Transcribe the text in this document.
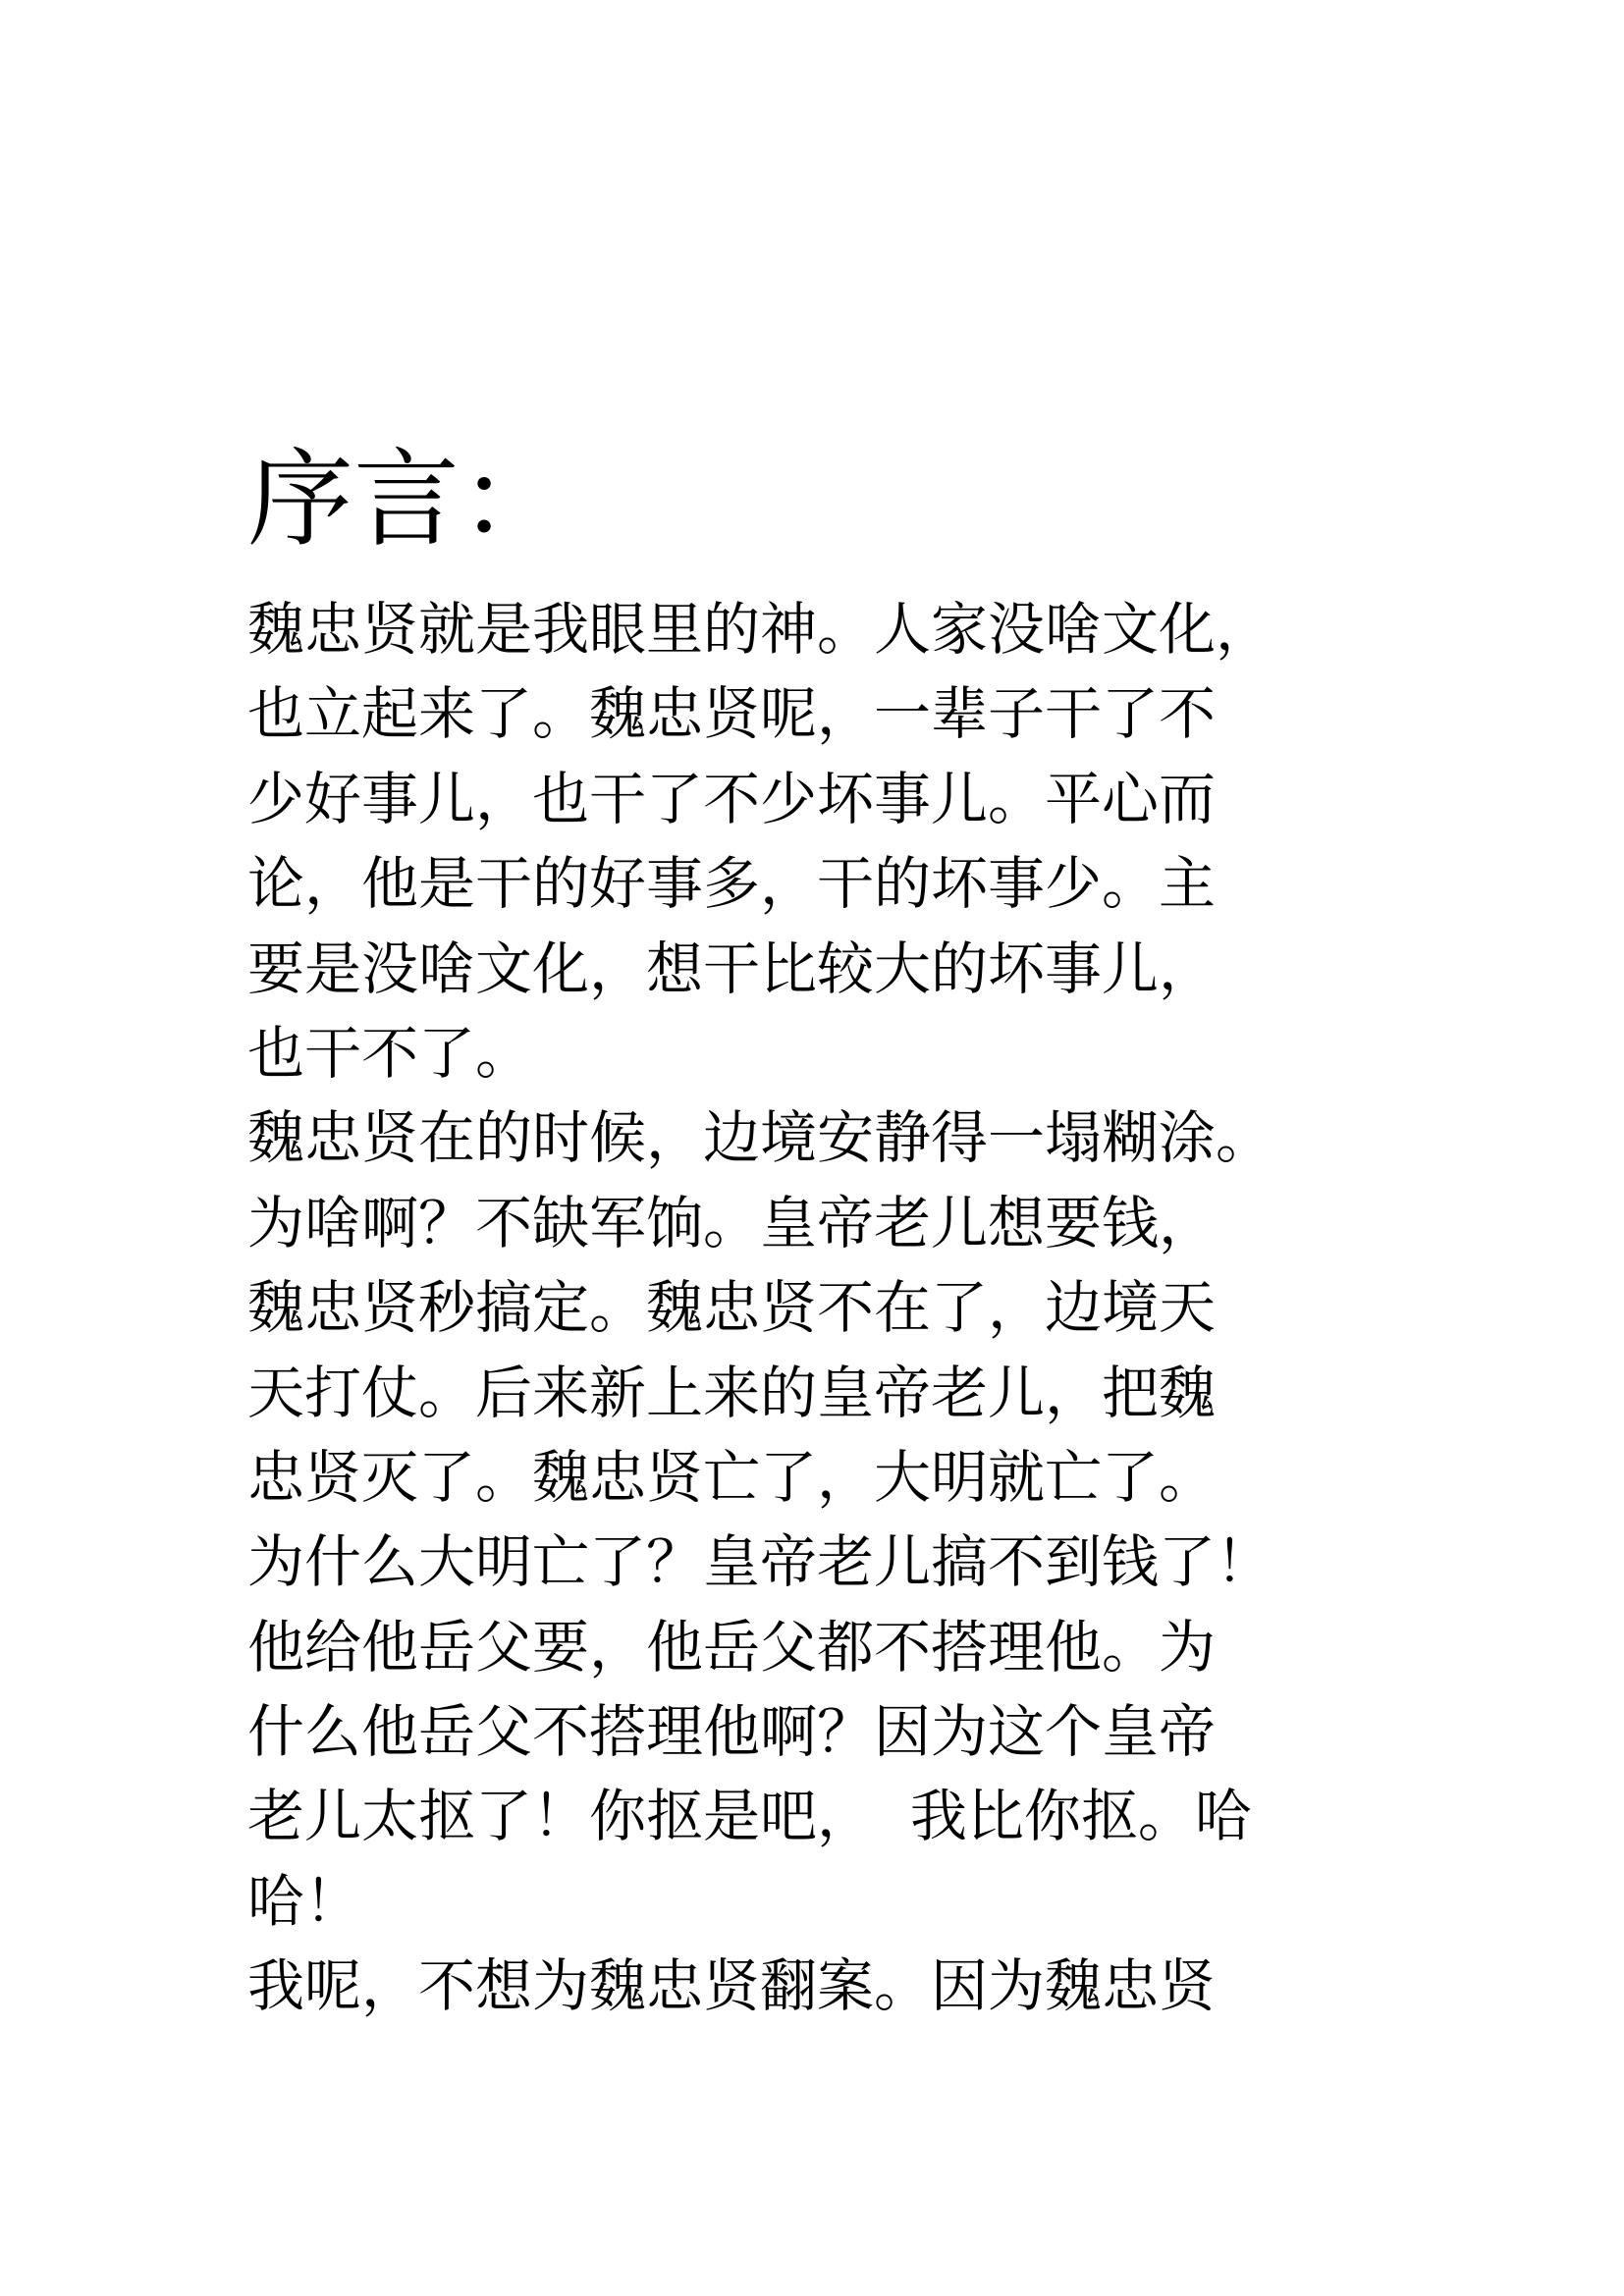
序言：

魏忠贤就是我眼里的神。人家没啥文化，

也立起来了。魏忠贤呢，一辈子干了不

少好事儿，也干了不少坏事儿。平心而

论，他是干的好事多，干的坏事少。主

要是没啥文化，想干比较大的坏事儿，

也干不了。

魏忠贤在的时候，边境安静得一塌糊涂。

为啥啊？不缺军饷。皇帝老儿想要钱，

魏忠贤秒搞定。魏忠贤不在了，边境天

天打仗。后来新上来的皇帝老儿，把魏

忠贤灭了。魏忠贤亡了，大明就亡了。

为什么大明亡了？皇帝老儿搞不到钱了！

他给他岳父要，他岳父都不搭理他。为

什么他岳父不搭理他啊？因为这个皇帝

老儿太抠了！你抠是吧，  我比你抠。哈

哈！

我呢，不想为魏忠贤翻案。因为魏忠贤
